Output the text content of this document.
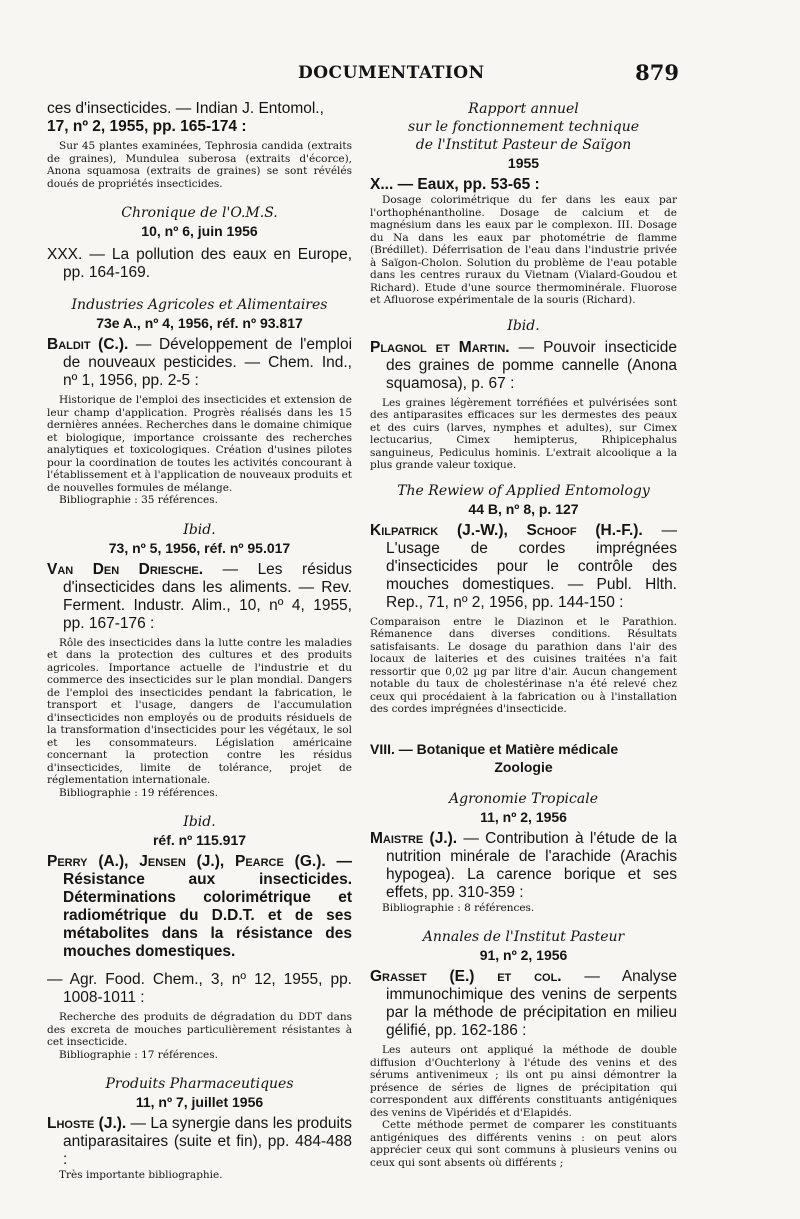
DOCUMENTATION	879

ces d'insecticides. — Indian J. Entomol.,

17, nº 2, 1955, pp. 165-174 :

Sur 45 plantes examinées, Tephrosia candida (extraits de graines), Mundulea suberosa (extraits d'écorce), Anona squamosa (extraits de graines) se sont révélés doués de propriétés insecticides.

Chronique de l'O.M.S.

10, nº 6, juin 1956

XXX. — La pollution des eaux en Europe, pp. 164-169.

Industries Agricoles et Alimentaires

73e A., nº 4, 1956, réf. nº 93.817

Baldit (C.). — Développement de l'emploi de nouveaux pesticides. — Chem. Ind., nº 1, 1956, pp. 2-5 :

Historique de l'emploi des insecticides et extension de leur champ d'application. Progrès réalisés dans les 15 dernières années. Recherches dans le domaine chimique et biologique, importance croissante des recherches analytiques et toxicologiques. Création d'usines pilotes pour la coordination de toutes les activités concourant à l'établissement et à l'application de nouveaux produits et de nouvelles formules de mélange.

Bibliographie : 35 références.

Ibid.

73, nº 5, 1956, réf. nº 95.017

Van Den Driesche. — Les résidus d'insecticides dans les aliments. — Rev. Ferment. Industr. Alim., 10, nº 4, 1955, pp. 167-176 :

Rôle des insecticides dans la lutte contre les maladies et dans la protection des cultures et des produits agricoles. Importance actuelle de l'industrie et du commerce des insecticides sur le plan mondial. Dangers de l'emploi des insecticides pendant la fabrication, le transport et l'usage, dangers de l'accumulation d'insecticides non employés ou de produits résiduels de la transformation d'insecticides pour les végétaux, le sol et les consommateurs. Législation américaine concernant la protection contre les résidus d'insecticides, limite de tolérance, projet de réglementation internationale.

Bibliographie : 19 références.

Ibid.

réf. nº 115.917

Perry (A.), Jensen (J.), Pearce (G.). — Résistance aux insecticides. Déterminations colorimétrique et radiométrique du D.D.T. et de ses métabolites dans la résistance des mouches domestiques.

— Agr. Food. Chem., 3, nº 12, 1955, pp. 1008-1011 :

Recherche des produits de dégradation du DDT dans des excreta de mouches particulièrement résistantes à cet insecticide.

Bibliographie : 17 références.

Produits Pharmaceutiques

11, nº 7, juillet 1956

Lhoste (J.). — La synergie dans les produits antiparasitaires (suite et fin), pp. 484-488 :

Très importante bibliographie.

Rapport annuel

sur le fonctionnement technique

de l'Institut Pasteur de Saïgon

1955

X... — Eaux, pp. 53-65 :

Dosage colorimétrique du fer dans les eaux par l'orthophénantholine. Dosage de calcium et de magnésium dans les eaux par le complexon. III. Dosage du Na dans les eaux par photométrie de flamme (Brédillet). Déferrisation de l'eau dans l'industrie privée à Saïgon-Cholon. Solution du problème de l'eau potable dans les centres ruraux du Vietnam (Vialard-Goudou et Richard). Etude d'une source thermominérale. Fluorose et Afluorose expérimentale de la souris (Richard).

Ibid.

Plagnol et Martin. — Pouvoir insecticide des graines de pomme cannelle (Anona squamosa), p. 67 :

Les graines légèrement torréfiées et pulvérisées sont des antiparasites efficaces sur les dermestes des peaux et des cuirs (larves, nymphes et adultes), sur Cimex lectucarius, Cimex hemipterus, Rhipicephalus sanguineus, Pediculus hominis. L'extrait alcoolique a la plus grande valeur toxique.

The Rewiew of Applied Entomology

44 B, nº 8, p. 127

Kilpatrick (J.-W.), Schoof (H.-F.). — L'usage de cordes imprégnées d'insecticides pour le contrôle des mouches domestiques. — Publ. Hlth. Rep., 71, nº 2, 1956, pp. 144-150 :

Comparaison entre le Diazinon et le Parathion. Rémanence dans diverses conditions. Résultats satisfaisants. Le dosage du parathion dans l'air des locaux de laiteries et des cuisines traitées n'a fait ressortir que 0,02 µg par litre d'air. Aucun changement notable du taux de cholestérinase n'a été relevé chez ceux qui procédaient à la fabrication ou à l'installation des cordes imprégnées d'insecticide.

VIII. — Botanique et Matière médicale

Zoologie

Agronomie Tropicale

11, nº 2, 1956

Maistre (J.). — Contribution à l'étude de la nutrition minérale de l'arachide (Arachis hypogea). La carence borique et ses effets, pp. 310-359 :

Bibliographie : 8 références.

Annales de l'Institut Pasteur

91, nº 2, 1956

Grasset (E.) et col. — Analyse immunochimique des venins de serpents par la méthode de précipitation en milieu gélifié, pp. 162-186 :

Les auteurs ont appliqué la méthode de double diffusion d'Ouchterlony à l'étude des venins et des sérums antivenimeux ; ils ont pu ainsi démontrer la présence de séries de lignes de précipitation qui correspondent aux différents constituants antigéniques des venins de Vipéridés et d'Elapidés.

Cette méthode permet de comparer les constituants antigéniques des différents venins : on peut alors apprécier ceux qui sont communs à plusieurs venins ou ceux qui sont absents où différents ;
